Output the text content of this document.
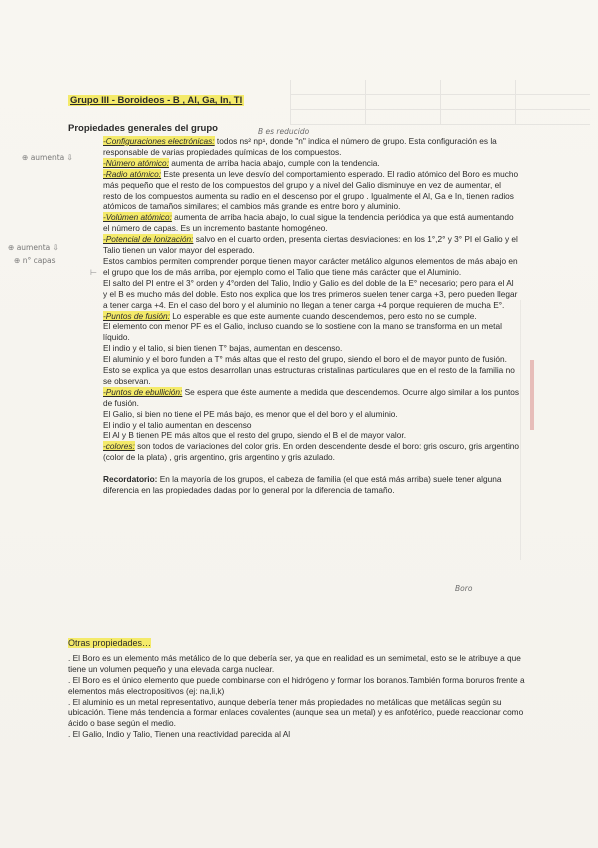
Grupo III - Boroideos - B , Al, Ga, In, Tl
Propiedades generales del grupo	B es reducido
⊕ aumenta ⇩
⊕ aumenta ⇩
⊕ n° capas
⊢
Boro

-Configuraciones electrónicas: todos ns² np¹, donde "n" indica el número de grupo. Esta configuración es la responsable de varias propiedades químicas de los compuestos.

-Número atómico: aumenta de arriba hacia abajo, cumple con la tendencia.

-Radio atómico: Este presenta un leve desvío del comportamiento esperado. El radio atómico del Boro es mucho más pequeño que el resto de los compuestos del grupo y a nivel del Galio disminuye en vez de aumentar, el resto de los compuestos aumenta su radio en el descenso por el grupo . Igualmente el Al, Ga e In, tienen radios atómicos de tamaños similares; el cambios más grande es entre boro y aluminio.

-Volúmen atómico: aumenta de arriba hacia abajo, lo cual sigue la tendencia periódica ya que está aumentando el número de capas. Es un incremento bastante homogéneo.

-Potencial de Ionización: salvo en el cuarto orden, presenta ciertas desviaciones: en los 1°,2° y 3° PI el Galio y el Talio tienen un valor mayor del esperado.

Estos cambios permiten comprender porque tienen mayor carácter metálico algunos elementos de más abajo en el grupo que los de más arriba, por ejemplo como el Talio que tiene más carácter que el Aluminio.

El salto del PI entre el 3° orden y 4°orden del Talio, Indio y Galio es del doble de la E° necesario; pero para el Al y el B es mucho más del doble. Esto nos explica que los tres primeros suelen tener carga +3, pero pueden llegar a tener carga +4. En el caso del boro y el aluminio no llegan a tener carga +4 porque requieren de mucha E°.

-Puntos de fusión: Lo esperable es que este aumente cuando descendemos, pero esto no se cumple.

El elemento con menor PF es el Galio, incluso cuando se lo sostiene con la mano se transforma en un metal líquido.

El indio y el talio, si bien tienen T° bajas, aumentan en descenso.

El aluminio y el boro funden a T° más altas que el resto del grupo, siendo el boro el de mayor punto de fusión. Esto se explica ya que estos desarrollan unas estructuras cristalinas particulares que en el resto de la familia no se observan.

-Puntos de ebullición: Se espera que éste aumente a medida que descendemos. Ocurre algo similar a los puntos de fusión.

El Galio, si bien no tiene el PE más bajo, es menor que el del boro y el aluminio.

El indio y el talio aumentan en descenso

El Al y B tienen PE más altos que el resto del grupo, siendo el B el de mayor valor.

-colores: son todos de variaciones del color gris. En orden descendente desde el boro: gris oscuro, gris argentino (color de la plata) , gris argentino, gris argentino y gris azulado.

Recordatorio: En la mayoría de los grupos, el cabeza de familia (el que está más arriba) suele tener alguna diferencia en las propiedades dadas por lo general por la diferencia de tamaño.

Otras propiedades…

. El Boro es un elemento más metálico de lo que debería ser, ya que en realidad es un semimetal, esto se le atribuye a que tiene un volumen pequeño y una elevada carga nuclear.

. El Boro es el único elemento que puede combinarse con el hidrógeno y formar los boranos.También forma boruros frente a elementos más electropositivos (ej: na,li,k)

. El aluminio es un metal representativo, aunque debería tener más propiedades no metálicas que metálicas según su ubicación. Tiene más tendencia a formar enlaces covalentes (aunque sea un metal) y es anfotérico, puede reaccionar como ácido o base según el medio.

. El Galio, Indio y Talio, Tienen una reactividad parecida al Al
